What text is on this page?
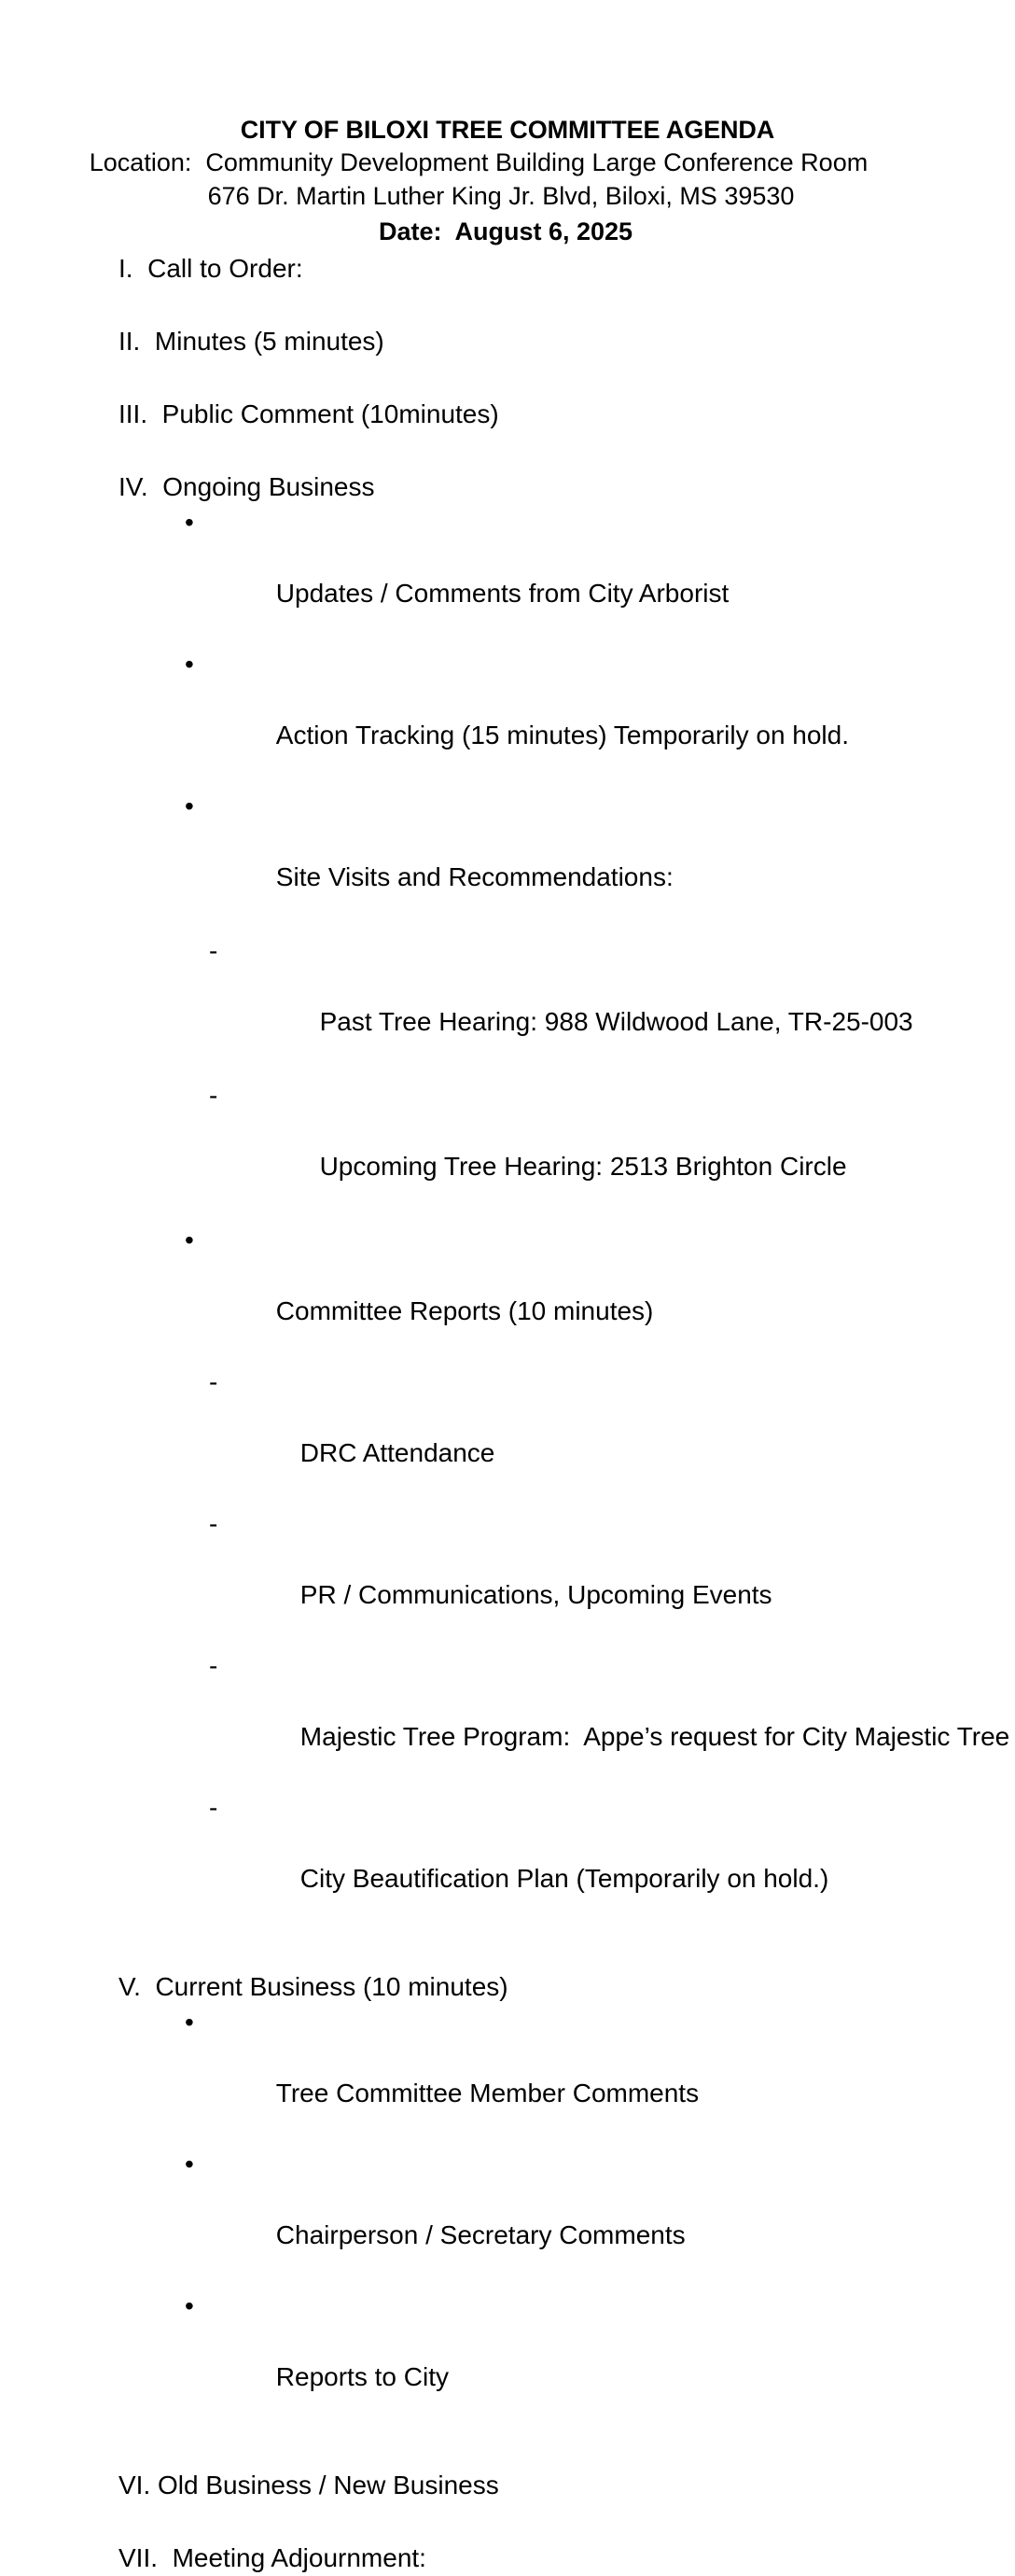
CITY OF BILOXI TREE COMMITTEE AGENDA
Location:  Community Development Building Large Conference Room
676 Dr. Martin Luther King Jr. Blvd, Biloxi, MS 39530
Date:  August 6, 2025
I.  Call to Order:
II.  Minutes (5 minutes)
III.  Public Comment (10minutes)
IV.  Ongoing Business

•

Updates / Comments from City Arborist

•

Action Tracking (15 minutes) Temporarily on hold.

•

Site Visits and Recommendations:

-

Past Tree Hearing: 988 Wildwood Lane, TR-25-003

-

Upcoming Tree Hearing: 2513 Brighton Circle

•

Committee Reports (10 minutes)

-

DRC Attendance

-

PR / Communications, Upcoming Events

-

Majestic Tree Program:  Appe’s request for City Majestic Tree

-

City Beautification Plan (Temporarily on hold.)

V.  Current Business (10 minutes)

•

Tree Committee Member Comments

•

Chairperson / Secretary Comments

•

Reports to City

VI. Old Business / New Business
VII.  Meeting Adjournment:
